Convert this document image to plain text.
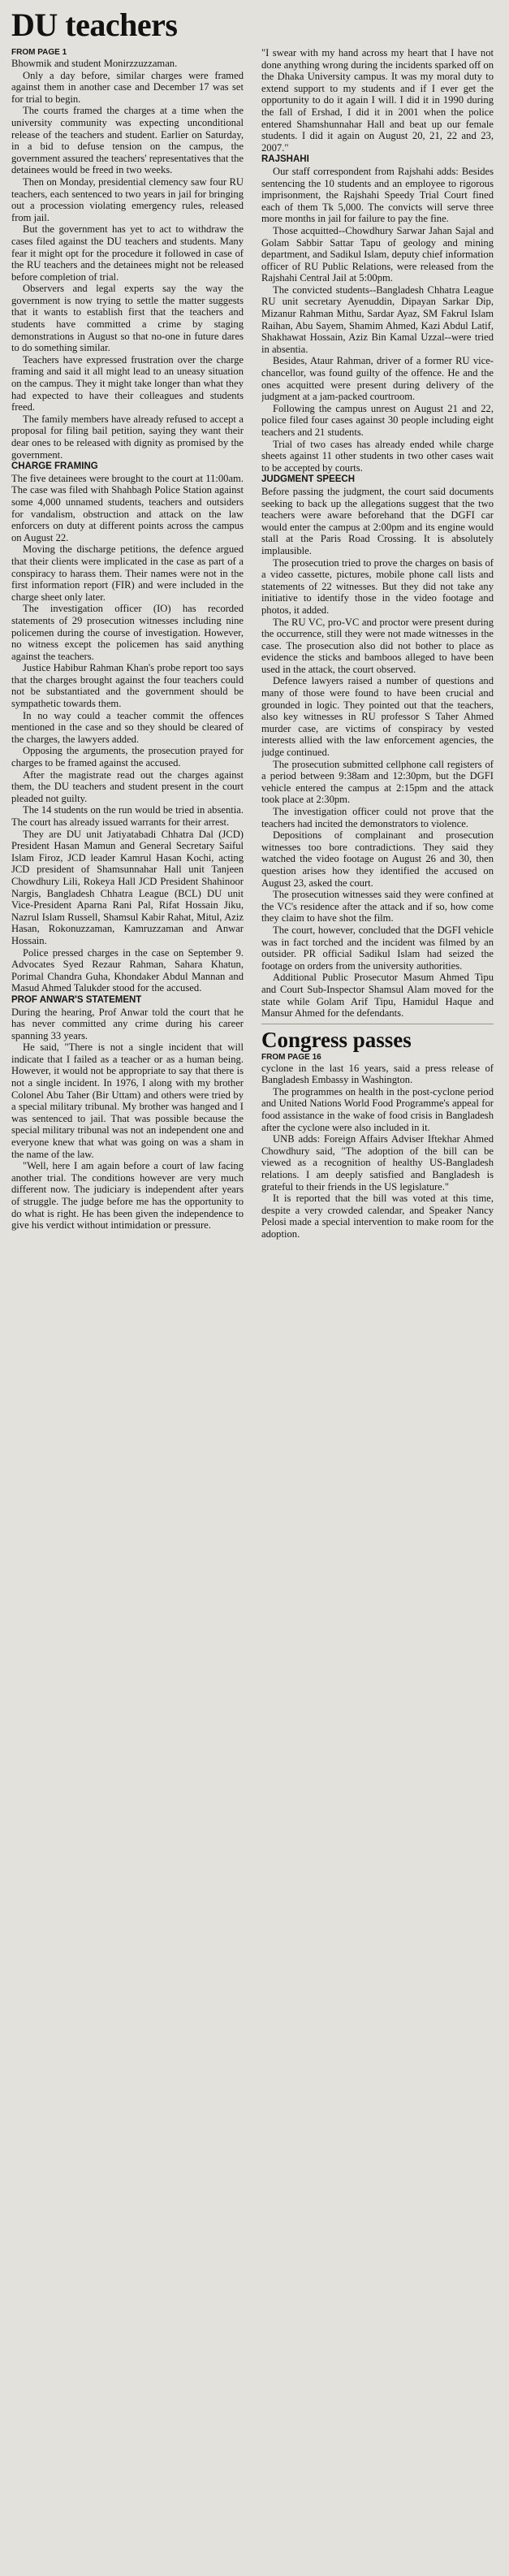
DU teachers
FROM PAGE 1

Bhowmik and student Monirzzuzzaman.

Only a day before, similar charges were framed against them in another case and December 17 was set for trial to begin.

The courts framed the charges at a time when the university community was expecting unconditional release of the teachers and student. Earlier on Saturday, in a bid to defuse tension on the campus, the government assured the teachers' representatives that the detainees would be freed in two weeks.

Then on Monday, presidential clemency saw four RU teachers, each sentenced to two years in jail for bringing out a procession violating emergency rules, released from jail.

But the government has yet to act to withdraw the cases filed against the DU teachers and students. Many fear it might opt for the procedure it followed in case of the RU teachers and the detainees might not be released before completion of trial.

Observers and legal experts say the way the government is now trying to settle the matter suggests that it wants to establish first that the teachers and students have committed a crime by staging demonstrations in August so that no-one in future dares to do something similar.

Teachers have expressed frustration over the charge framing and said it all might lead to an uneasy situation on the campus. They it might take longer than what they had expected to have their colleagues and students freed.

The family members have already refused to accept a proposal for filing bail petition, saying they want their dear ones to be released with dignity as promised by the government.

CHARGE FRAMING

The five detainees were brought to the court at 11:00am. The case was filed with Shahbagh Police Station against some 4,000 unnamed students, teachers and outsiders for vandalism, obstruction and attack on the law enforcers on duty at different points across the campus on August 22.

Moving the discharge petitions, the defence argued that their clients were implicated in the case as part of a conspiracy to harass them. Their names were not in the first information report (FIR) and were included in the charge sheet only later.

The investigation officer (IO) has recorded statements of 29 prosecution witnesses including nine policemen during the course of investigation. However, no witness except the policemen has said anything against the teachers.

Justice Habibur Rahman Khan's probe report too says that the charges brought against the four teachers could not be substantiated and the government should be sympathetic towards them.

In no way could a teacher commit the offences mentioned in the case and so they should be cleared of the charges, the lawyers added.

Opposing the arguments, the prosecution prayed for charges to be framed against the accused.

After the magistrate read out the charges against them, the DU teachers and student present in the court pleaded not guilty.

The 14 students on the run would be tried in absentia. The court has already issued warrants for their arrest.

They are DU unit Jatiyatabadi Chhatra Dal (JCD) President Hasan Mamun and General Secretary Saiful Islam Firoz, JCD leader Kamrul Hasan Kochi, acting JCD president of Shamsunnahar Hall unit Tanjeen Chowdhury Lili, Rokeya Hall JCD President Shahinoor Nargis, Bangladesh Chhatra League (BCL) DU unit Vice-President Aparna Rani Pal, Rifat Hossain Jiku, Nazrul Islam Russell, Shamsul Kabir Rahat, Mitul, Aziz Hasan, Rokonuzzaman, Kamruzzaman and Anwar Hossain.

Police pressed charges in the case on September 9. Advocates Syed Rezaur Rahman, Sahara Khatun, Porimal Chandra Guha, Khondaker Abdul Mannan and Masud Ahmed Talukder stood for the accused.

PROF ANWAR'S STATEMENT

During the hearing, Prof Anwar told the court that he has never committed any crime during his career spanning 33 years.

He said, "There is not a single incident that will indicate that I failed as a teacher or as a human being. However, it would not be appropriate to say that there is not a single incident. In 1976, I along with my brother Colonel Abu Taher (Bir Uttam) and others were tried by a special military tribunal. My brother was hanged and I was sentenced to jail. That was possible because the special military tribunal was not an independent one and everyone knew that what was going on was a sham in the name of the law.

"Well, here I am again before a court of law facing another trial. The conditions however are very much different now. The judiciary is independent after years of struggle. The judge before me has the opportunity to do what is right. He has been given the independence to give his verdict without intimidation or pressure.

"I swear with my hand across my heart that I have not done anything wrong during the incidents sparked off on the Dhaka University campus. It was my moral duty to extend support to my students and if I ever get the opportunity to do it again I will. I did it in 1990 during the fall of Ershad, I did it in 2001 when the police entered Shamshunnahar Hall and beat up our female students. I did it again on August 20, 21, 22 and 23, 2007."

RAJSHAHI

Our staff correspondent from Rajshahi adds: Besides sentencing the 10 students and an employee to rigorous imprisonment, the Rajshahi Speedy Trial Court fined each of them Tk 5,000. The convicts will serve three more months in jail for failure to pay the fine.

Those acquitted--Chowdhury Sarwar Jahan Sajal and Golam Sabbir Sattar Tapu of geology and mining department, and Sadikul Islam, deputy chief information officer of RU Public Relations, were released from the Rajshahi Central Jail at 5:00pm.

The convicted students--Bangladesh Chhatra League RU unit secretary Ayenuddin, Dipayan Sarkar Dip, Mizanur Rahman Mithu, Sardar Ayaz, SM Fakrul Islam Raihan, Abu Sayem, Shamim Ahmed, Kazi Abdul Latif, Shakhawat Hossain, Aziz Bin Kamal Uzzal--were tried in absentia.

Besides, Ataur Rahman, driver of a former RU vice-chancellor, was found guilty of the offence. He and the ones acquitted were present during delivery of the judgment at a jam-packed courtroom.

Following the campus unrest on August 21 and 22, police filed four cases against 30 people including eight teachers and 21 students.

Trial of two cases has already ended while charge sheets against 11 other students in two other cases wait to be accepted by courts.

JUDGMENT SPEECH

Before passing the judgment, the court said documents seeking to back up the allegations suggest that the two teachers were aware beforehand that the DGFI car would enter the campus at 2:00pm and its engine would stall at the Paris Road Crossing. It is absolutely implausible.

The prosecution tried to prove the charges on basis of a video cassette, pictures, mobile phone call lists and statements of 22 witnesses. But they did not take any initiative to identify those in the video footage and photos, it added.

The RU VC, pro-VC and proctor were present during the occurrence, still they were not made witnesses in the case. The prosecution also did not bother to place as evidence the sticks and bamboos alleged to have been used in the attack, the court observed.

Defence lawyers raised a number of questions and many of those were found to have been crucial and grounded in logic. They pointed out that the teachers, also key witnesses in RU professor S Taher Ahmed murder case, are victims of conspiracy by vested interests allied with the law enforcement agencies, the judge continued.

The prosecution submitted cellphone call registers of a period between 9:38am and 12:30pm, but the DGFI vehicle entered the campus at 2:15pm and the attack took place at 2:30pm.

The investigation officer could not prove that the teachers had incited the demonstrators to violence.

Depositions of complainant and prosecution witnesses too bore contradictions. They said they watched the video footage on August 26 and 30, then question arises how they identified the accused on August 23, asked the court.

The prosecution witnesses said they were confined at the VC's residence after the attack and if so, how come they claim to have shot the film.

The court, however, concluded that the DGFI vehicle was in fact torched and the incident was filmed by an outsider. PR official Sadikul Islam had seized the footage on orders from the university authorities.

Additional Public Prosecutor Masum Ahmed Tipu and Court Sub-Inspector Shamsul Alam moved for the state while Golam Arif Tipu, Hamidul Haque and Mansur Ahmed for the defendants.

Congress passes
FROM PAGE 16

cyclone in the last 16 years, said a press release of Bangladesh Embassy in Washington.

The programmes on health in the post-cyclone period and United Nations World Food Programme's appeal for food assistance in the wake of food crisis in Bangladesh after the cyclone were also included in it.

UNB adds: Foreign Affairs Adviser Iftekhar Ahmed Chowdhury said, "The adoption of the bill can be viewed as a recognition of healthy US-Bangladesh relations. I am deeply satisfied and Bangladesh is grateful to their friends in the US legislature."

It is reported that the bill was voted at this time, despite a very crowded calendar, and Speaker Nancy Pelosi made a special intervention to make room for the adoption.
